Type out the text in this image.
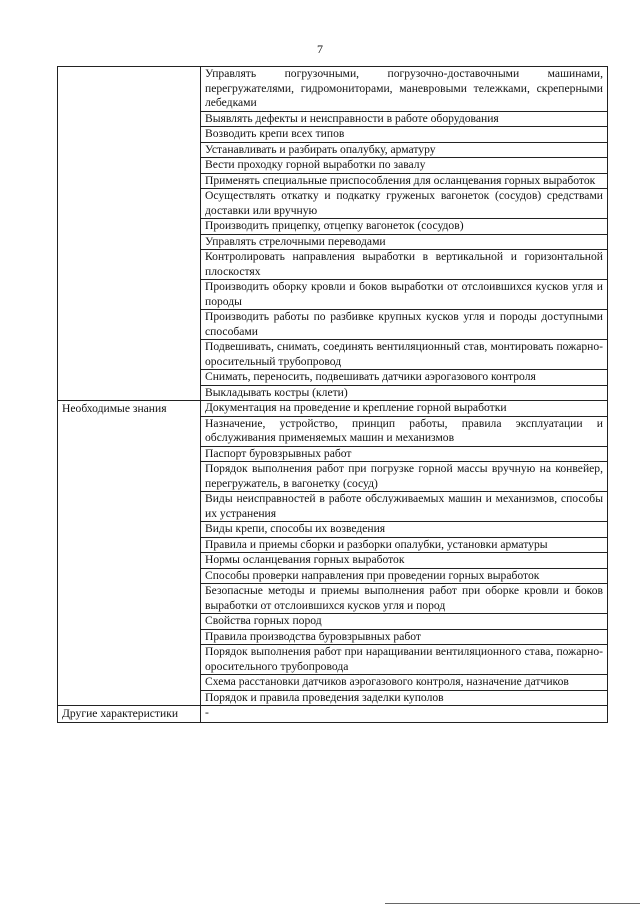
7
	Управлять погрузочными, погрузочно-доставочными машинами, перегружателями, гидромониторами, маневровыми тележками, скреперными лебедками
	Выявлять дефекты и неисправности в работе оборудования
	Возводить крепи всех типов
	Устанавливать и разбирать опалубку, арматуру
	Вести проходку горной выработки по завалу
	Применять специальные приспособления для осланцевания горных выработок
	Осуществлять откатку и подкатку груженых вагонеток (сосудов) средствами доставки или вручную
	Производить прицепку, отцепку вагонеток (сосудов)
	Управлять стрелочными переводами
	Контролировать направления выработки в вертикальной и горизонтальной плоскостях
	Производить оборку кровли и боков выработки от отслоившихся кусков угля и породы
	Производить работы по разбивке крупных кусков угля и породы доступными способами
	Подвешивать, снимать, соединять вентиляционный став, монтировать пожарно-оросительный трубопровод
	Снимать, переносить, подвешивать датчики аэрогазового контроля
	Выкладывать костры (клети)
Необходимые знания	Документация на проведение и крепление горной выработки
	Назначение, устройство, принцип работы, правила эксплуатации и обслуживания применяемых машин и механизмов
	Паспорт буровзрывных работ
	Порядок выполнения работ при погрузке горной массы вручную на конвейер, перегружатель, в вагонетку (сосуд)
	Виды неисправностей в работе обслуживаемых машин и механизмов, способы их устранения
	Виды крепи, способы их возведения
	Правила и приемы сборки и разборки опалубки, установки арматуры
	Нормы осланцевания горных выработок
	Способы проверки направления при проведении горных выработок
	Безопасные методы и приемы выполнения работ при оборке кровли и боков выработки от отслоившихся кусков угля и пород
	Свойства горных пород
	Правила производства буровзрывных работ
	Порядок выполнения работ при наращивании вентиляционного става, пожарно-оросительного трубопровода
	Схема расстановки датчиков аэрогазового контроля, назначение датчиков
	Порядок и правила проведения заделки куполов
Другие характеристики	-
